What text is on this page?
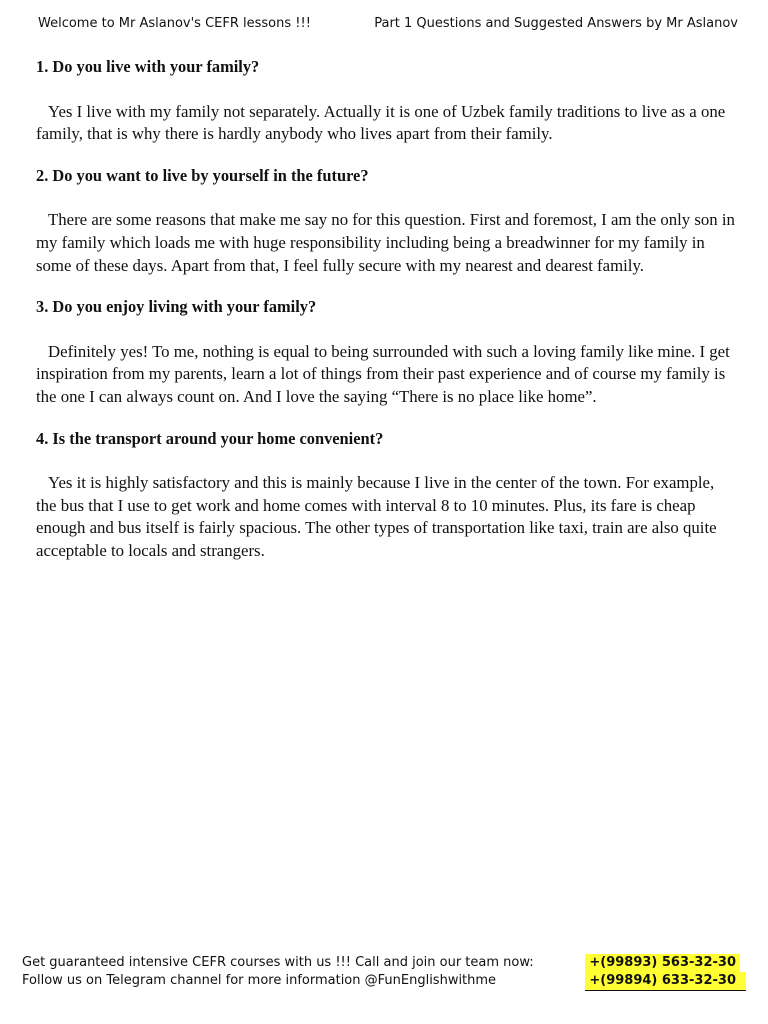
Welcome to Mr Aslanov's CEFR lessons !!!	Part 1 Questions and Suggested Answers by Mr Aslanov

1. Do you live with your family?

Yes I live with my family not separately. Actually it is one of Uzbek family traditions to live as a one family, that is why there is hardly anybody who lives apart from their family.

2. Do you want to live by yourself in the future?

There are some reasons that make me say no for this question. First and foremost, I am the only son in my family which loads me with huge responsibility including being a breadwinner for my family in some of these days. Apart from that, I feel fully secure with my nearest and dearest family.

3. Do you enjoy living with your family?

Definitely yes! To me, nothing is equal to being surrounded with such a loving family like mine. I get inspiration from my parents, learn a lot of things from their past experience and of course my family is the one I can always count on. And I love the saying “There is no place like home”.

4. Is the transport around your home convenient?

Yes it is highly satisfactory and this is mainly because I live in the center of the town. For example, the bus that I use to get work and home comes with interval 8 to 10 minutes. Plus, its fare is cheap enough and bus itself is fairly spacious. The other types of transportation like taxi, train are also quite acceptable to locals and strangers.

Get guaranteed intensive CEFR courses with us !!! Call and join our team now:
Follow us on Telegram channel for more information @FunEnglishwithme
+(99893) 563-32-30
+(99894) 633-32-30
